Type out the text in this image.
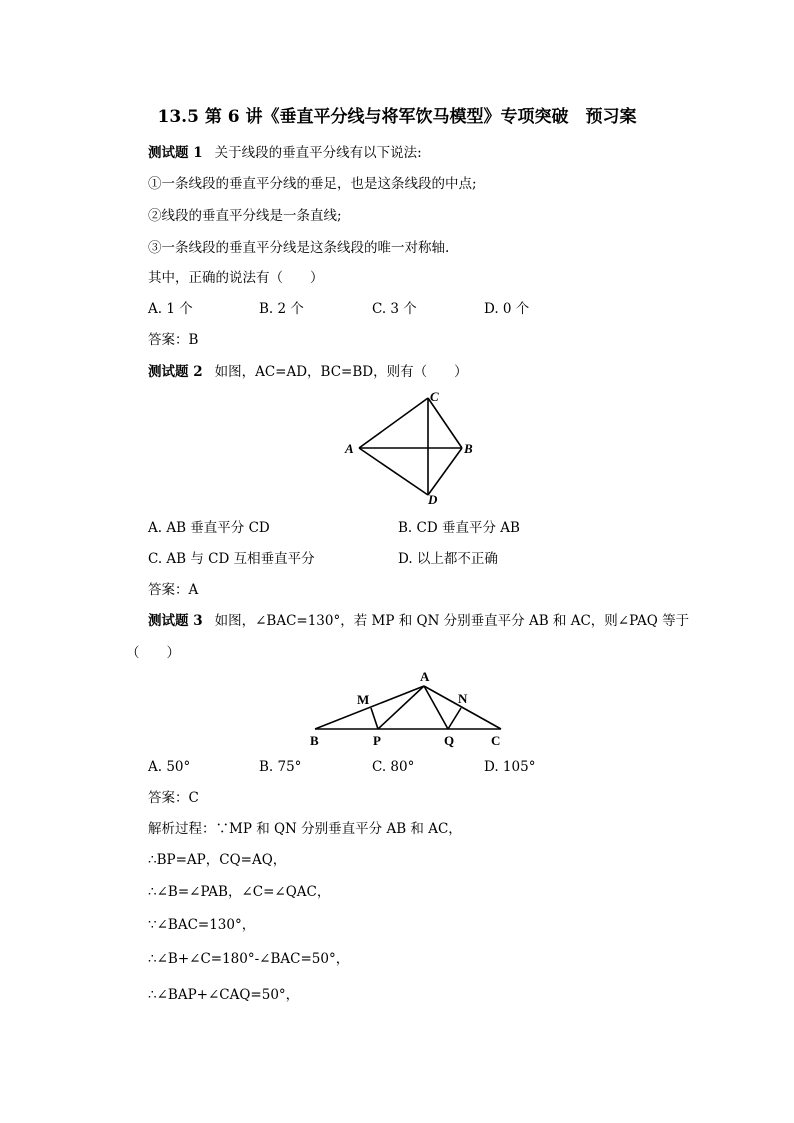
13.5 第 6 讲《垂直平分线与将军饮马模型》专项突破　预习案
测试题 1 关于线段的垂直平分线有以下说法:
①一条线段的垂直平分线的垂足，也是这条线段的中点;
②线段的垂直平分线是一条直线;
③一条线段的垂直平分线是这条线段的唯一对称轴.
其中，正确的说法有（　　）
A. 1 个	B. 2 个	C. 3 个	D. 0 个
答案：B
测试题 2 如图，AC=AD，BC=BD，则有（　　）
A	B
C
D
A. AB 垂直平分 CD	B. CD 垂直平分 AB
C. AB 与 CD 互相垂直平分	D. 以上都不正确
答案：A
测试题 3 如图，∠BAC=130°，若 MP 和 QN 分别垂直平分 AB 和 AC，则∠PAQ 等于
（　　）
A
B	C
M	N
P	Q
A. 50°	B. 75°	C. 80°	D. 105°
答案：C
解析过程：∵MP 和 QN 分别垂直平分 AB 和 AC，
∴BP=AP，CQ=AQ，
∴∠B=∠PAB，∠C=∠QAC，
∵∠BAC=130°，
∴∠B+∠C=180°-∠BAC=50°，
∴∠BAP+∠CAQ=50°，
